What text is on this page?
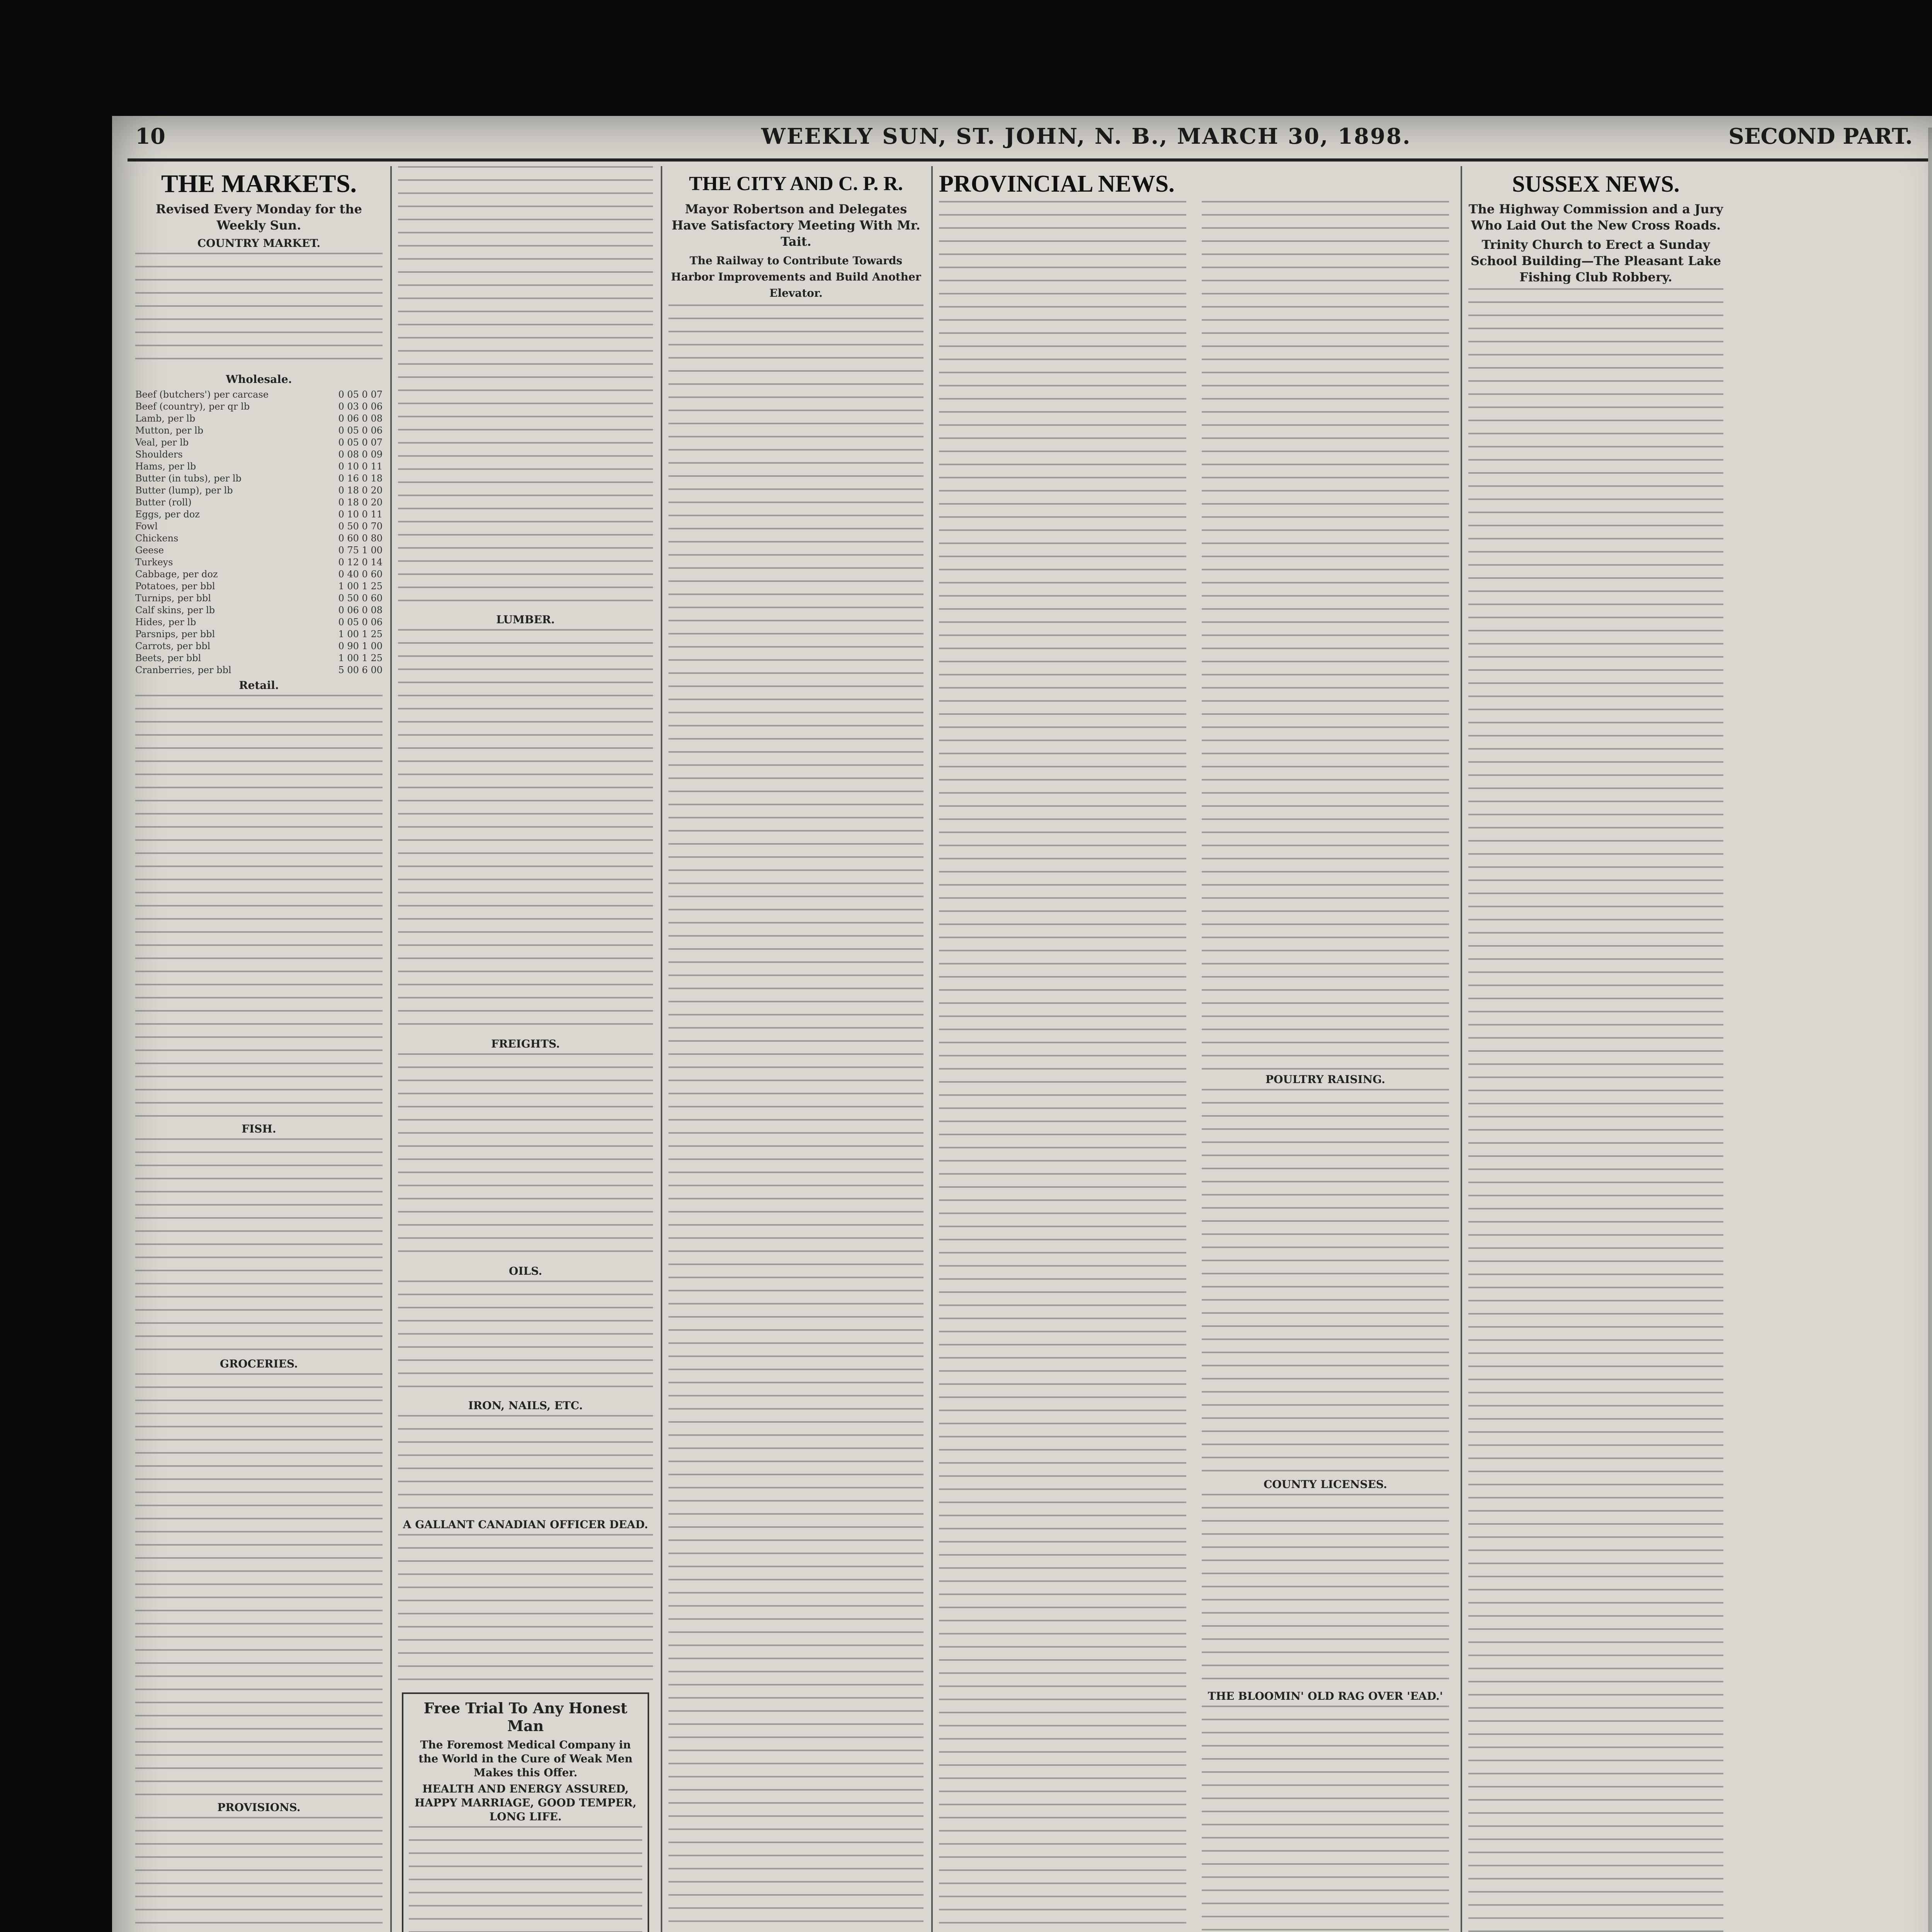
10	WEEKLY SUN, ST. JOHN, N. B., MARCH 30, 1898.	SECOND PART.
THE MARKETS.
Revised Every Monday for the Weekly Sun.
COUNTRY MARKET.

Wholesale.
Beef (butchers') per carcase	0 05 0 07
Beef (country), per qr lb	0 03 0 06
Lamb, per lb	0 06 0 08
Mutton, per lb	0 05 0 06
Veal, per lb	0 05 0 07
Shoulders	0 08 0 09
Hams, per lb	0 10 0 11
Butter (in tubs), per lb	0 16 0 18
Butter (lump), per lb	0 18 0 20
Butter (roll)	0 18 0 20
Eggs, per doz	0 10 0 11
Fowl	0 50 0 70
Chickens	0 60 0 80
Geese	0 75 1 00
Turkeys	0 12 0 14
Cabbage, per doz	0 40 0 60
Potatoes, per bbl	1 00 1 25
Turnips, per bbl	0 50 0 60
Calf skins, per lb	0 06 0 08
Hides, per lb	0 05 0 06
Parsnips, per bbl	1 00 1 25
Carrots, per bbl	0 90 1 00
Beets, per bbl	1 00 1 25
Cranberries, per bbl	5 00 6 00
Retail.
FISH.
GROCERIES.
PROVISIONS.
LUMBER.
FREIGHTS.
OILS.
IRON, NAILS, ETC.
A GALLANT CANADIAN OFFICER DEAD.
Free Trial To Any Honest Man
The Foremost Medical Company in the World in the Cure of Weak Men Makes this Offer.
HEALTH AND ENERGY ASSURED, HAPPY MARRIAGE, GOOD TEMPER, LONG LIFE.
THE CITY AND C. P. R.
Mayor Robertson and Delegates Have Satisfactory Meeting With Mr. Tait.
The Railway to Contribute Towards Harbor Improvements and Build Another Elevator.
PROVINCIAL NEWS.
POULTRY RAISING.
COUNTY LICENSES.
THE BLOOMIN' OLD RAG OVER 'EAD.'
SUSSEX NEWS.
The Highway Commission and a Jury Who Laid Out the New Cross Roads.
Trinity Church to Erect a Sunday School Building—The Pleasant Lake Fishing Club Robbery.
